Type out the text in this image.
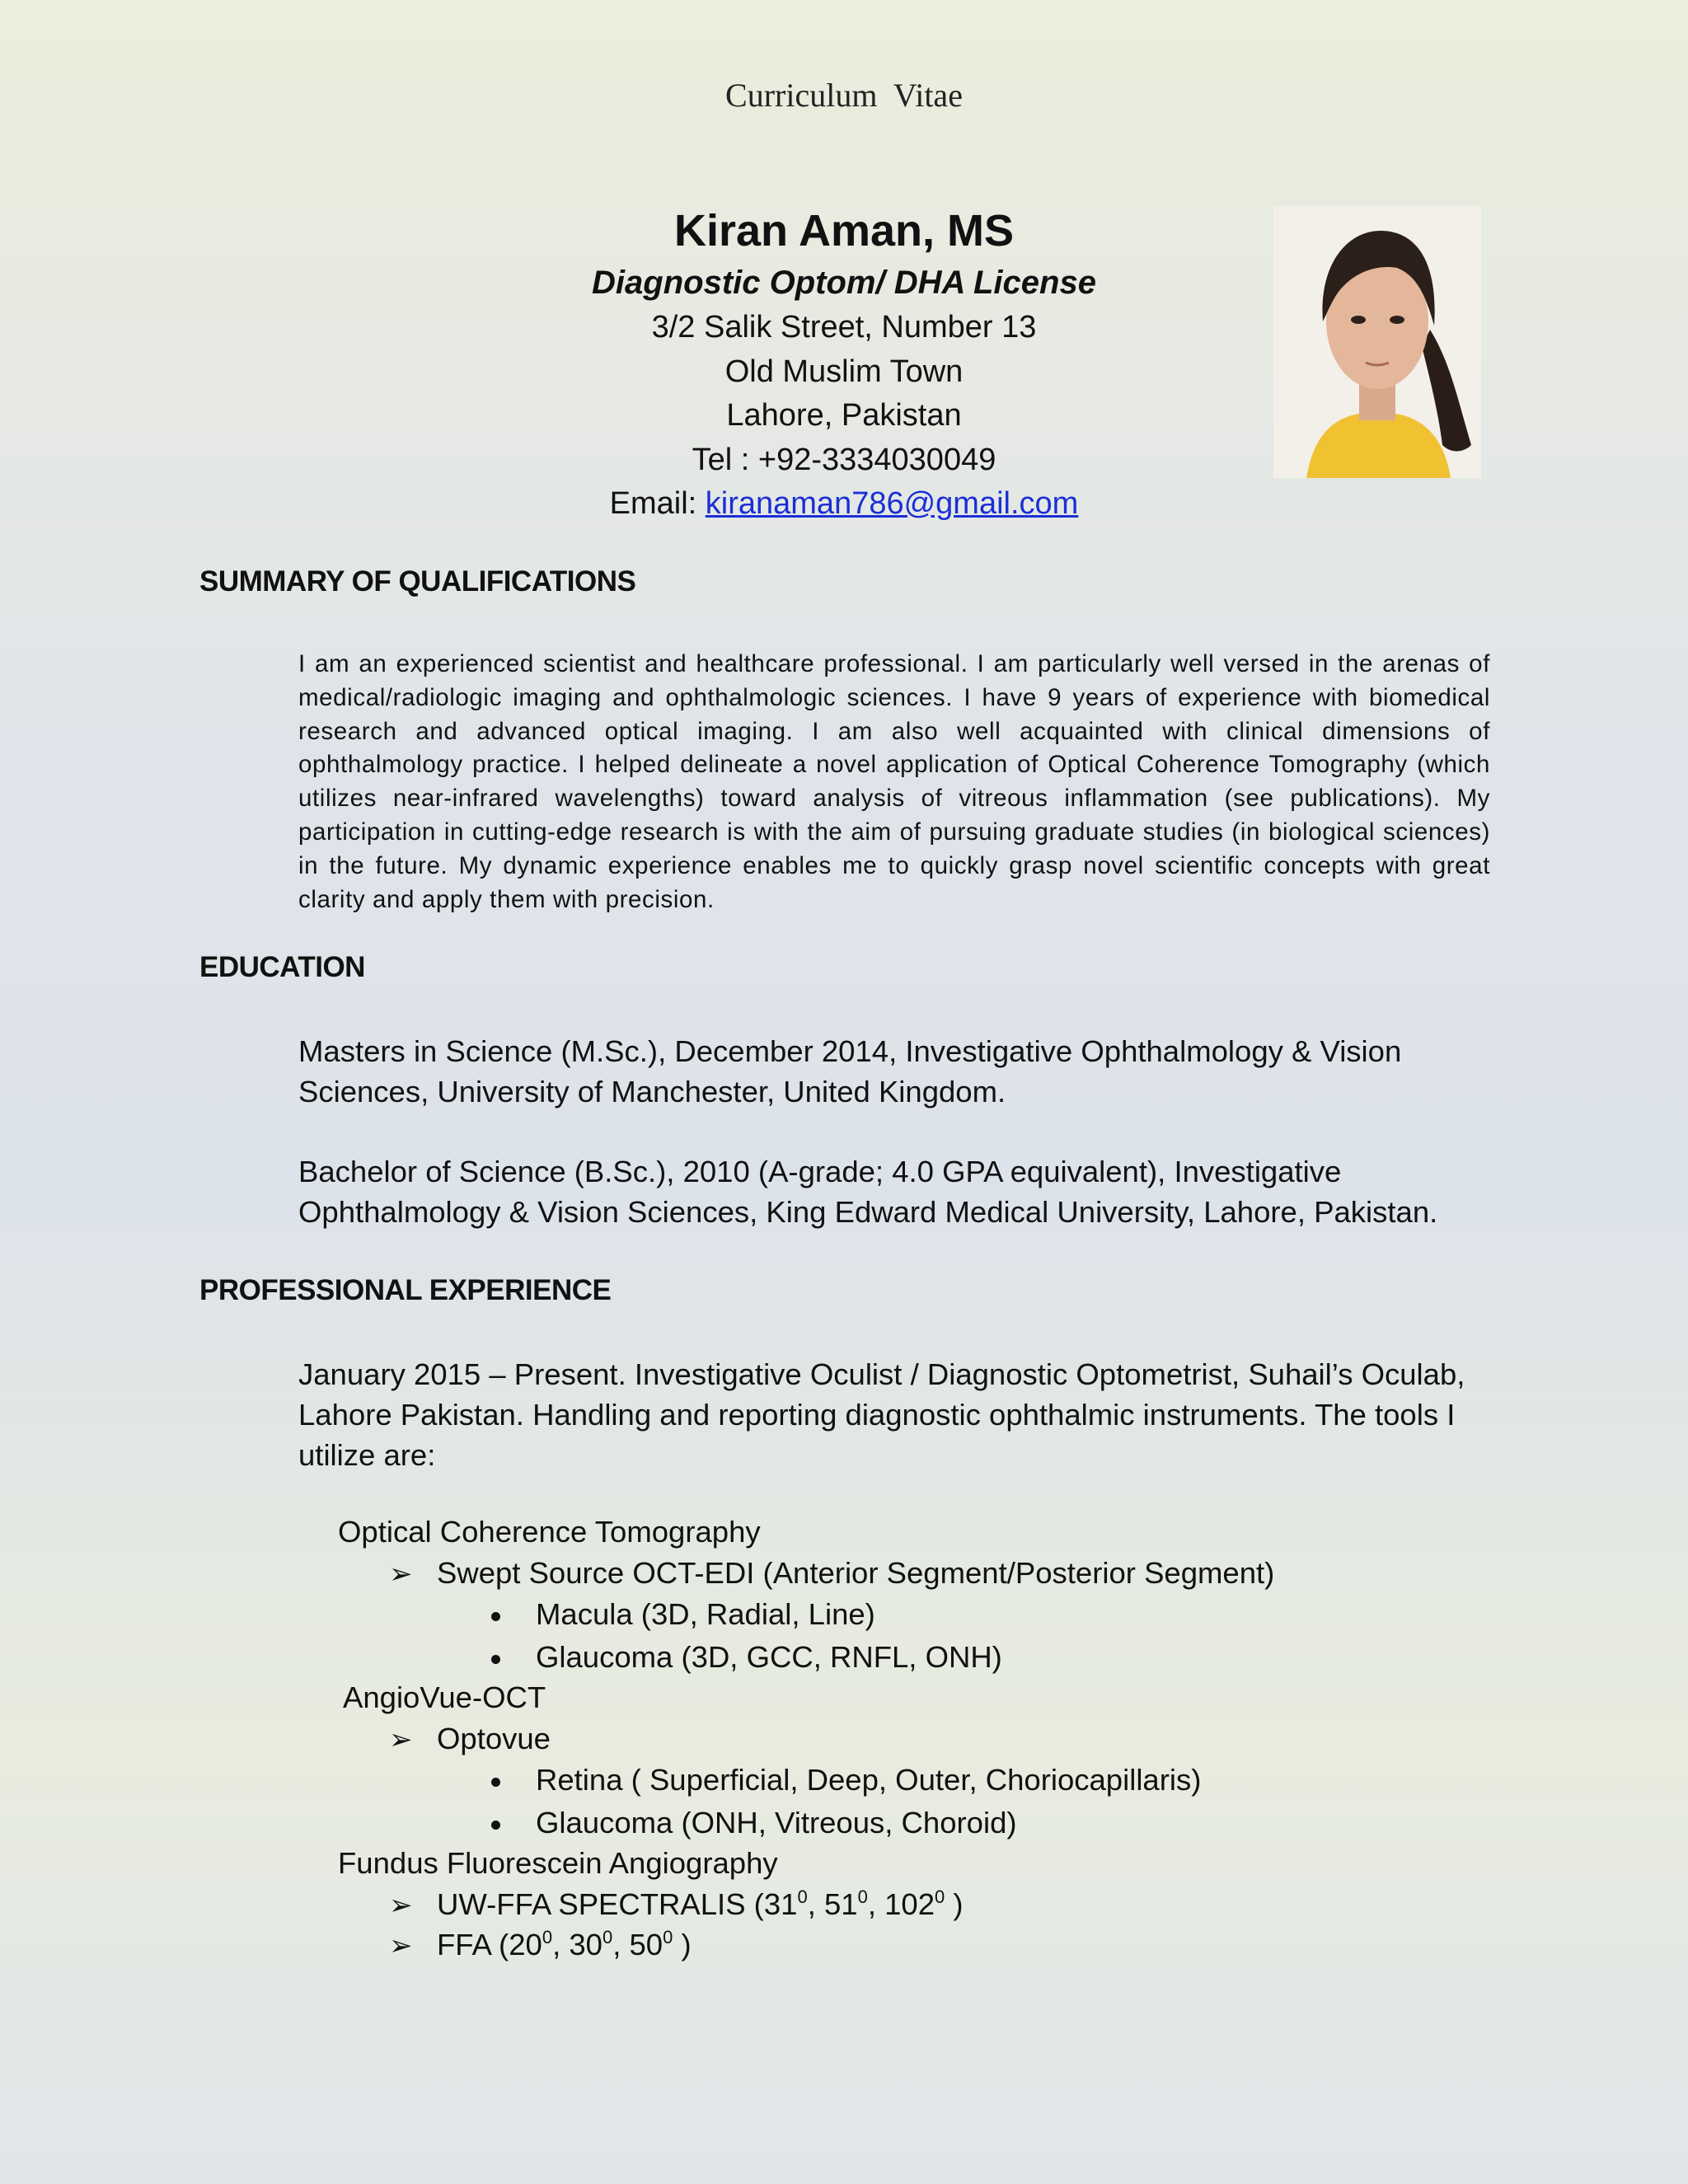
Curriculum Vitae
Kiran Aman, MS
Diagnostic Optom/ DHA License
3/2 Salik Street, Number 13
Old Muslim Town
Lahore, Pakistan
Tel : +92-3334030049
Email: kiranaman786@gmail.com
SUMMARY OF QUALIFICATIONS
I am an experienced scientist and healthcare professional. I am particularly well versed in the arenas of medical/radiologic imaging and ophthalmologic sciences. I have 9 years of experience with biomedical research and advanced optical imaging. I am also well acquainted with clinical dimensions of ophthalmology practice. I helped delineate a novel application of Optical Coherence Tomography (which utilizes near-infrared wavelengths) toward analysis of vitreous inflammation (see publications). My participation in cutting-edge research is with the aim of pursuing graduate studies (in biological sciences) in the future. My dynamic experience enables me to quickly grasp novel scientific concepts with great clarity and apply them with precision.
EDUCATION
Masters in Science (M.Sc.), December 2014, Investigative Ophthalmology & Vision Sciences, University of Manchester, United Kingdom.
Bachelor of Science (B.Sc.), 2010 (A-grade; 4.0 GPA equivalent), Investigative Ophthalmology & Vision Sciences, King Edward Medical University, Lahore, Pakistan.
PROFESSIONAL EXPERIENCE
January 2015 – Present. Investigative Oculist / Diagnostic Optometrist, Suhail’s Oculab, Lahore Pakistan. Handling and reporting diagnostic ophthalmic instruments. The tools I utilize are:
Optical Coherence Tomography
➢ Swept Source OCT-EDI (Anterior Segment/Posterior Segment)
Macula (3D, Radial, Line)
Glaucoma (3D, GCC, RNFL, ONH)
AngioVue-OCT
➢ Optovue
Retina ( Superficial, Deep, Outer, Choriocapillaris)
Glaucoma (ONH, Vitreous, Choroid)
Fundus Fluorescein Angiography
➢ UW-FFA SPECTRALIS ($31^0$, $51^0$, $102^0$ )
➢ FFA ($20^0$, $30^0$, $50^0$ )
